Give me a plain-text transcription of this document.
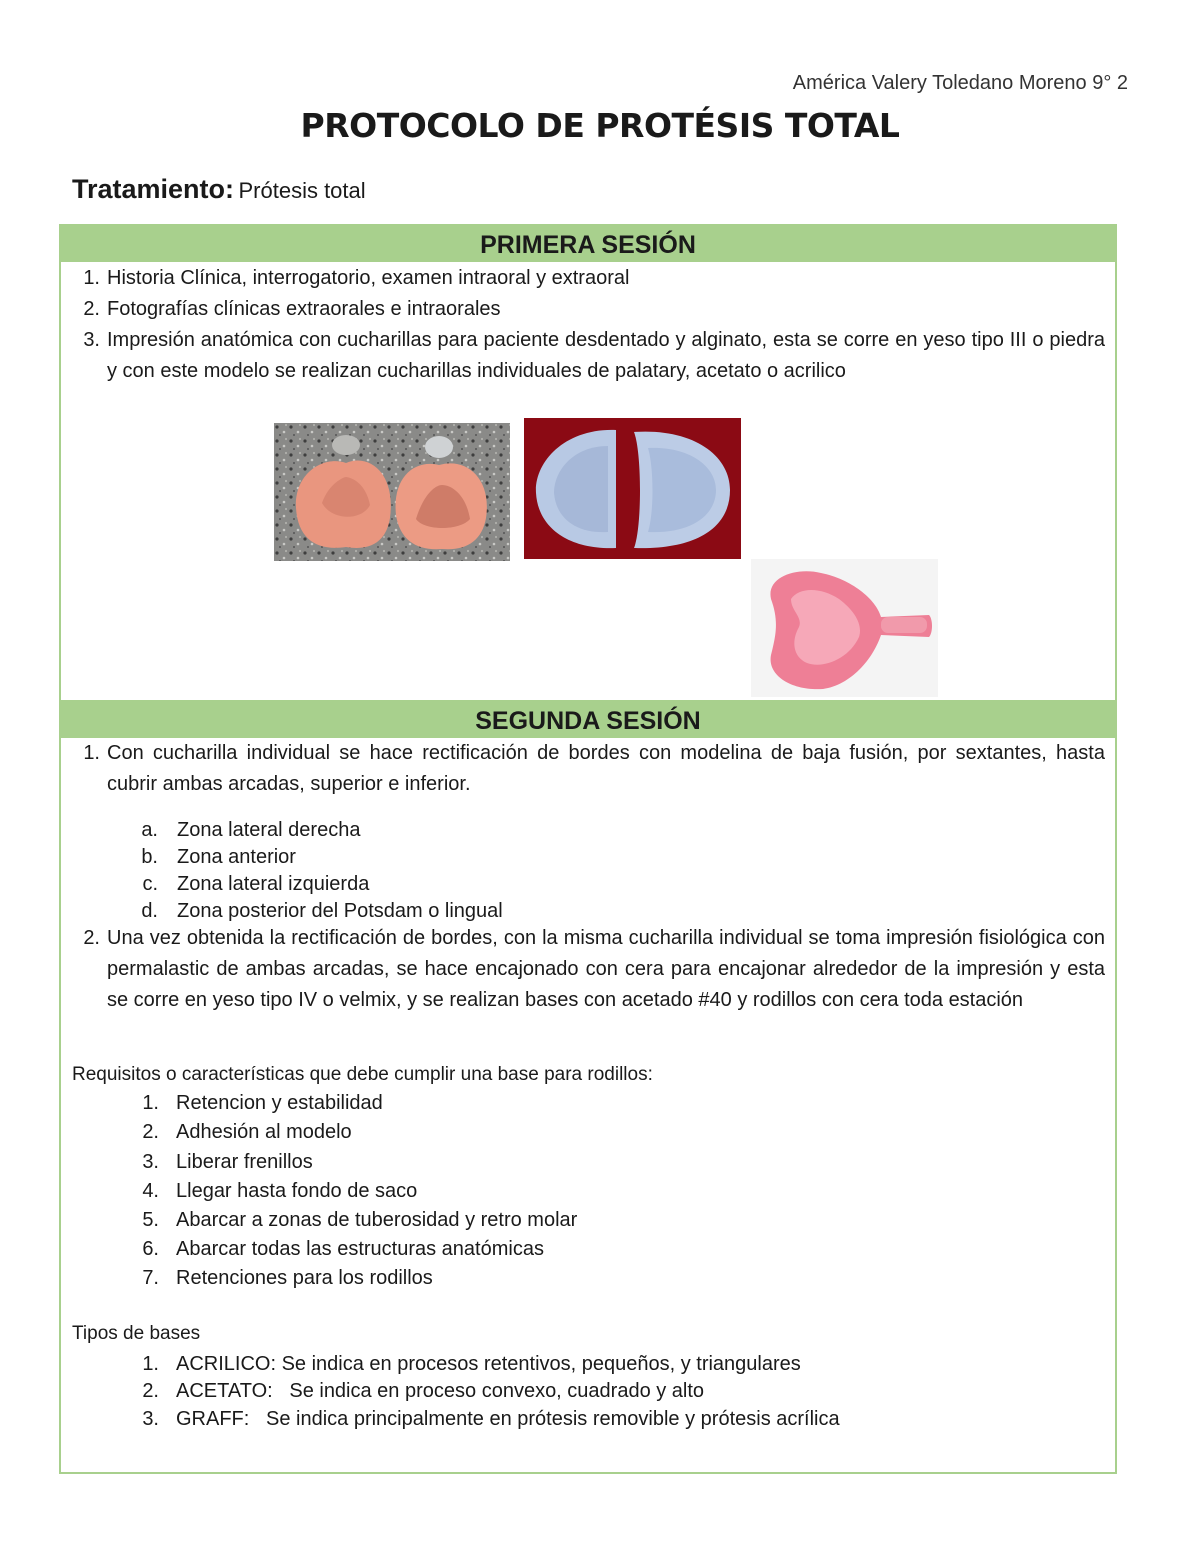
América Valery Toledano Moreno 9° 2
PROTOCOLO DE PROTÉSIS TOTAL
Tratamiento: Prótesis total
PRIMERA SESIÓN
1. Historia Clínica, interrogatorio, examen intraoral y extraoral
2. Fotografías clínicas extraorales e intraorales
3. Impresión anatómica con cucharillas para paciente desdentado y alginato, esta se corre en yeso tipo III o piedra y con este modelo se realizan cucharillas individuales de palatary, acetato o acrilico
SEGUNDA SESIÓN
1. Con cucharilla individual se hace rectificación de bordes con modelina de baja fusión, por sextantes, hasta cubrir ambas arcadas, superior e inferior.
a. Zona lateral derecha
b. Zona anterior
c. Zona lateral izquierda
d. Zona posterior del Potsdam o lingual
2. Una vez obtenida la rectificación de bordes, con la misma cucharilla individual se toma impresión fisiológica con permalastic de ambas arcadas, se hace encajonado con cera para encajonar alrededor de la impresión y esta se corre en yeso tipo IV o velmix, y se realizan bases con acetado #40 y rodillos con cera toda estación
Requisitos o características que debe cumplir una base para rodillos:
1. Retencion y estabilidad
2. Adhesión al modelo
3. Liberar frenillos
4. Llegar hasta fondo de saco
5. Abarcar a zonas de tuberosidad y retro molar
6. Abarcar todas las estructuras anatómicas
7. Retenciones para los rodillos
Tipos de bases
1. ACRILICO: Se indica en procesos retentivos, pequeños, y triangulares
2. ACETATO:   Se indica en proceso convexo, cuadrado y alto
3. GRAFF:   Se indica principalmente en prótesis removible y prótesis acrílica
